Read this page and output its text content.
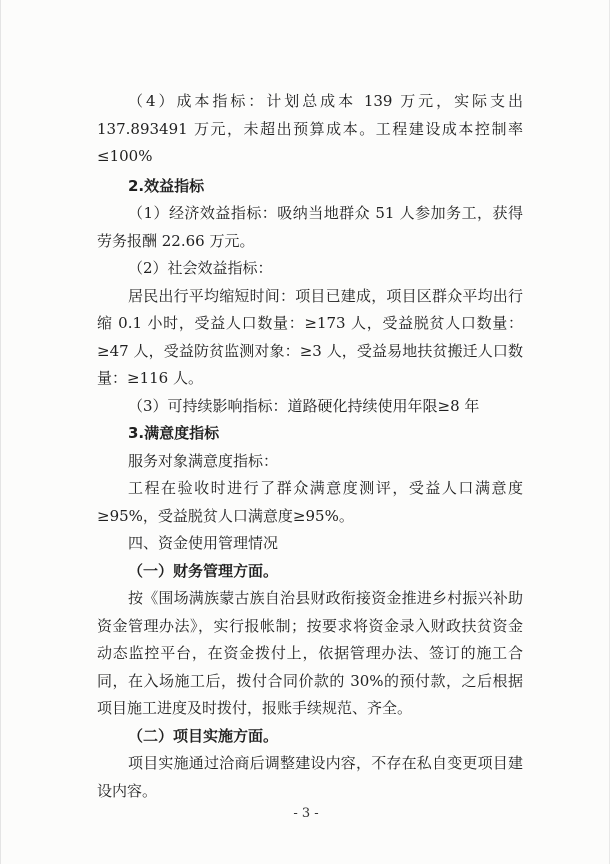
（4）成本指标：计划总成本 139 万元，实际支出 137.893491 万元，未超出预算成本。工程建设成本控制率≤100%

2.效益指标

（1）经济效益指标：吸纳当地群众 51 人参加务工，获得劳务报酬 22.66 万元。

（2）社会效益指标：

居民出行平均缩短时间：项目已建成，项目区群众平均出行缩 0.1 小时，受益人口数量：≥173 人，受益脱贫人口数量：≥47 人，受益防贫监测对象：≥3 人，受益易地扶贫搬迁人口数量：≥116 人。

（3）可持续影响指标：道路硬化持续使用年限≥8 年

3.满意度指标

服务对象满意度指标：

工程在验收时进行了群众满意度测评，受益人口满意度≥95%，受益脱贫人口满意度≥95%。

四、资金使用管理情况

（一）财务管理方面。

按《围场满族蒙古族自治县财政衔接资金推进乡村振兴补助资金管理办法》，实行报帐制；按要求将资金录入财政扶贫资金动态监控平台，在资金拨付上，依据管理办法、签订的施工合同，在入场施工后，拨付合同价款的 30%的预付款，之后根据项目施工进度及时拨付，报账手续规范、齐全。

（二）项目实施方面。

项目实施通过洽商后调整建设内容，不存在私自变更项目建设内容。

- 3 -
